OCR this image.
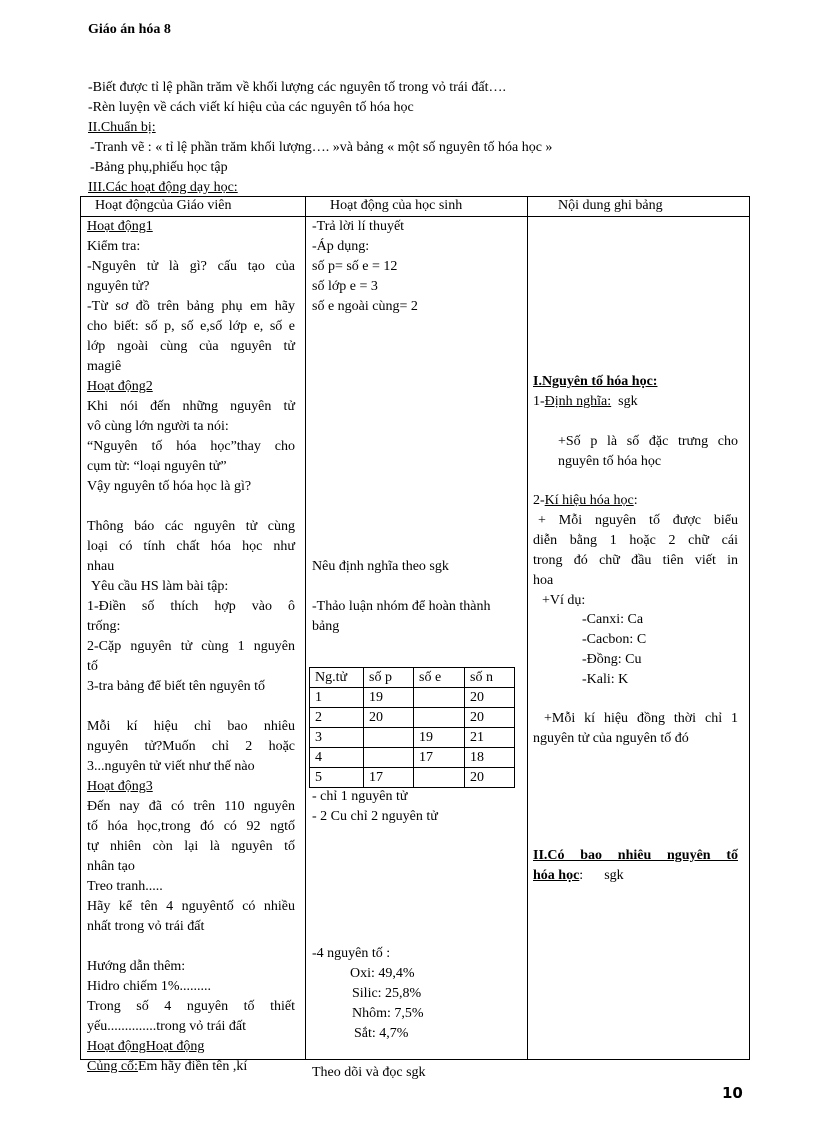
Giáo án hóa 8
-Biết được tỉ lệ phần trăm về khối lượng các nguyên tố trong vỏ trái đất….
-Rèn luyện về cách viết kí hiệu của các nguyên tố hóa học
II.Chuẩn bị:
-Tranh vẽ : « tỉ lệ phần trăm khối lượng…. »và bảng « một số nguyên tố hóa học »
-Bảng phụ,phiếu học tập
III.Các hoạt động dạy học:
Hoạt độngcủa Giáo viên	Hoạt động của học sinh	Nội dung ghi bảng

Hoạt động1
Kiểm tra:
-Nguyên tử là gì? cấu tạo của
nguyên tử?
-Từ sơ đồ trên bảng phụ em hãy
cho biết: số p, số e,số lớp e, số e
lớp ngoài cùng của nguyên tử
magiê
Hoạt động2
Khi nói đến những nguyên tử
vô cùng lớn người ta nói:
“Nguyên tố hóa học”thay cho
cụm từ: “loại nguyên tử”
Vậy nguyên tố hóa học là gì?
Thông báo các nguyên tử cùng
loại có tính chất hóa học như
nhau
Yêu cầu HS làm bài tập:
1-Điền số thích hợp vào ô
trống:
2-Cặp nguyên tử cùng 1 nguyên
tố
3-tra bảng để biết tên nguyên tố
Mỗi kí hiệu chỉ bao nhiêu
nguyên tử?Muốn chỉ 2 hoặc
3...nguyên tử viết như thế nào
Hoạt động3
Đến nay đã có trên 110 nguyên
tố hóa học,trong đó có 92 ngtố
tự nhiên còn lại là nguyên tố
nhân tạo
Treo tranh.....
Hãy kể tên 4 nguyêntố có nhiều
nhất trong vỏ trái đất
Hướng dẫn thêm:
Hidro chiếm 1%.........
Trong số 4 nguyên tố thiết
yếu..............trong vỏ trái đất
Hoạt độngHoạt động
Củng cố:Em hãy điền tên ,kí

-Trả lời lí thuyết
-Áp dụng:
số p= số e = 12
số lớp e = 3
số e ngoài cùng= 2
Nêu định nghĩa theo sgk
-Thảo luận nhóm để hoàn thành
bảng
Ng.tử	số p	số e	số n
1	19		20
2	20		20
3		19	21
4		17	18
5	17		20
- chỉ 1 nguyên tử
- 2 Cu chỉ 2 nguyên tử
-4 nguyên tố :
Oxi: 49,4%
Silic: 25,8%
Nhôm: 7,5%
Sắt: 4,7%
Theo dõi và đọc sgk

I.Nguyên tố hóa học:
1-Định nghĩa: sgk
+Số p là số đặc trưng cho
nguyên tố hóa học
2-Kí hiệu hóa học:
+ Mỗi nguyên tố được biểu
diễn bằng 1 hoặc 2 chữ cái
trong đó chữ đầu tiên viết in
hoa
+Ví dụ:
-Canxi: Ca
-Cacbon: C
-Đồng: Cu
-Kali: K
+Mỗi kí hiệu đồng thời chỉ 1
nguyên tử của nguyên tố đó
II.Có bao nhiêu nguyên tố
hóa học: sgk
10
